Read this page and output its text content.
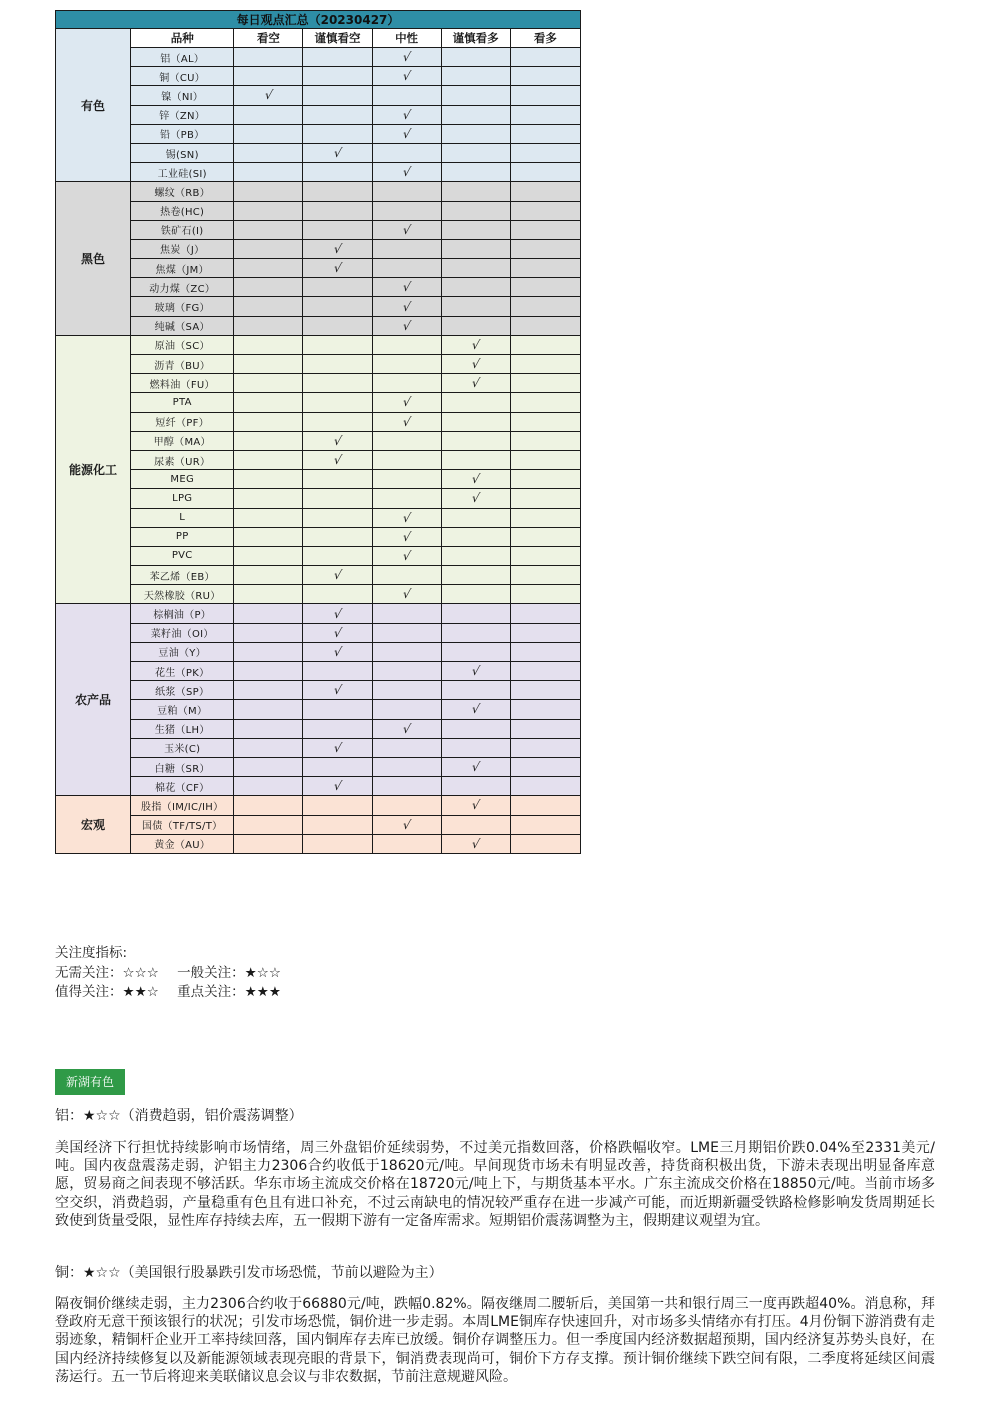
每日观点汇总（20230427）						
有色	品种	看空	谨慎看空	中性	谨慎看多	看多
	铝（AL）			√		
	铜（CU）			√		
	镍（NI）	√				
	锌（ZN）			√		
	铅（PB）			√		
	锡(SN)		√			
	工业硅(SI)			√		
黑色	螺纹（RB）					
	热卷(HC)					
	铁矿石(I)			√		
	焦炭（J）		√			
	焦煤（JM）		√			
	动力煤（ZC）			√		
	玻璃（FG）			√		
	纯碱（SA）			√		
能源化工	原油（SC）				√	
	沥青（BU）				√	
	燃料油（FU）				√	
	PTA			√		
	短纤（PF）			√		
	甲醇（MA）		√			
	尿素（UR）		√			
	MEG				√	
	LPG				√	
	L			√		
	PP			√		
	PVC			√		
	苯乙烯（EB）		√			
	天然橡胶（RU）			√		
农产品	棕榈油（P）		√			
	菜籽油（OI）		√			
	豆油（Y）		√			
	花生（PK）				√	
	纸浆（SP）		√			
	豆粕（M）				√	
	生猪（LH）			√		
	玉米(C)		√			
	白糖（SR）				√	
	棉花（CF）		√			
宏观	股指（IM/IC/IH）				√	
	国债（TF/TS/T）			√		
	黄金（AU）				√	
关注度指标:
无需关注：☆☆☆ 一般关注：★☆☆
值得关注：★★☆ 重点关注：★★★
新湖有色
铝：★☆☆（消费趋弱，铝价震荡调整）
美国经济下行担忧持续影响市场情绪，周三外盘铝价延续弱势，不过美元指数回落，价格跌幅收窄。LME三月期铝价跌0.04%至2331美元/吨。国内夜盘震荡走弱，沪铝主力2306合约收低于18620元/吨。早间现货市场未有明显改善，持货商积极出货，下游未表现出明显备库意愿，贸易商之间表现不够活跃。华东市场主流成交价格在18720元/吨上下，与期货基本平水。广东主流成交价格在18850元/吨。当前市场多空交织，消费趋弱，产量稳重有色且有进口补充，不过云南缺电的情况较严重存在进一步减产可能，而近期新疆受铁路检修影响发货周期延长致使到货量受限，显性库存持续去库，五一假期下游有一定备库需求。短期铝价震荡调整为主，假期建议观望为宜。
铜：★☆☆（美国银行股暴跌引发市场恐慌，节前以避险为主）
隔夜铜价继续走弱，主力2306合约收于66880元/吨，跌幅0.82%。隔夜继周二腰斩后，美国第一共和银行周三一度再跌超40%。消息称，拜登政府无意干预该银行的状况；引发市场恐慌，铜价进一步走弱。本周LME铜库存快速回升，对市场多头情绪亦有打压。4月份铜下游消费有走弱迹象，精铜杆企业开工率持续回落，国内铜库存去库已放缓。铜价存调整压力。但一季度国内经济数据超预期，国内经济复苏势头良好，在国内经济持续修复以及新能源领域表现亮眼的背景下，铜消费表现尚可，铜价下方存支撑。预计铜价继续下跌空间有限，二季度将延续区间震荡运行。五一节后将迎来美联储议息会议与非农数据，节前注意规避风险。
